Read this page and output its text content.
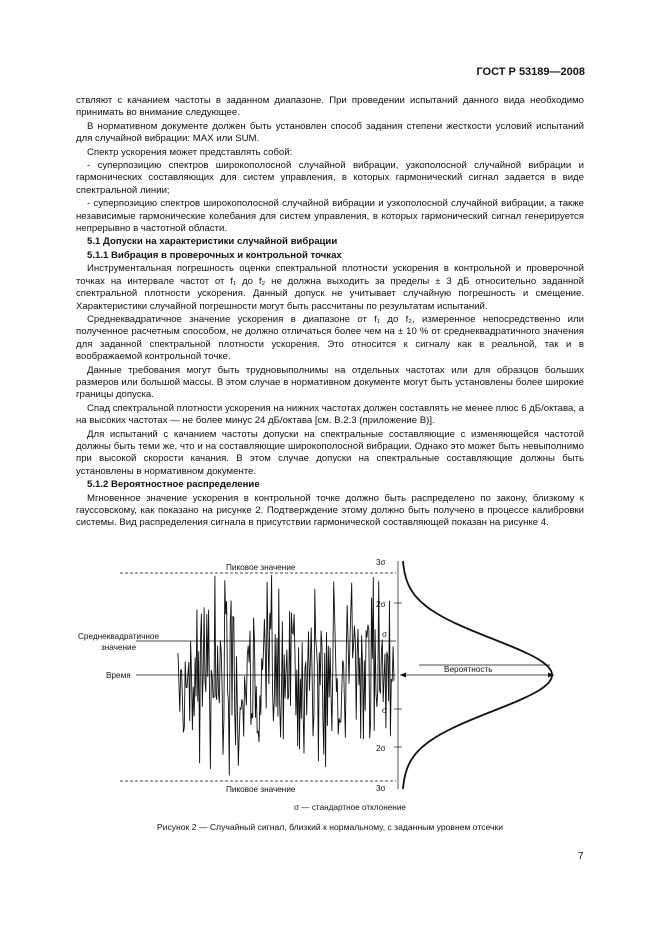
ГОСТ Р 53189—2008

ствляют с качанием частоты в заданном диапазоне. При проведении испытаний данного вида необходимо принимать во внимание следующее.

В нормативном документе должен быть установлен способ задания степени жесткости условий испытаний для случайной вибрации: MAX или SUM.

Спектр ускорения может представлять собой:

- суперпозицию спектров широкополосной случайной вибрации, узкополосной случайной вибрации и гармонических составляющих для систем управления, в которых гармонический сигнал задается в виде спектральной линии;

- суперпозицию спектров широкополосной случайной вибрации и узкополосной случайной вибрации, а также независимые гармонические колебания для систем управления, в которых гармонический сигнал генерируется непрерывно в частотной области.

5.1 Допуски на характеристики случайной вибрации

5.1.1 Вибрация в проверочных и контрольной точках

Инструментальная погрешность оценки спектральной плотности ускорения в контрольной и проверочной точках на интервале частот от f₁ до f₂ не должна выходить за пределы ± 3 дБ относительно заданной спектральной плотности ускорения. Данный допуск не учитывает случайную погрешность и смещение. Характеристики случайной погрешности могут быть рассчитаны по результатам испытаний.

Среднеквадратичное значение ускорения в диапазоне от f₁ до f₂, измеренное непосредственно или полученное расчетным способом, не должно отличаться более чем на ± 10 % от среднеквадратичного значения для заданной спектральной плотности ускорения. Это относится к сигналу как в реальной, так и в воображаемой контрольной точке.

Данные требования могут быть трудновыполнимы на отдельных частотах или для образцов больших размеров или большой массы. В этом случае в нормативном документе могут быть установлены более широкие границы допуска.

Спад спектральной плотности ускорения на нижних частотах должен составлять не менее плюс 6 дБ/октава, а на высоких частотах — не более минус 24 дБ/октава [см. B.2.3 (приложение B)].

Для испытаний с качанием частоты допуски на спектральные составляющие с изменяющейся частотой должны быть теми же, что и на составляющие широкополосной вибрации. Однако это может быть невыполнимо при высокой скорости качания. В этом случае допуски на спектральные составляющие должны быть установлены в нормативном документе.

5.1.2 Вероятностное распределение

Мгновенное значение ускорения в контрольной точке должно быть распределено по закону, близкому к гауссовскому, как показано на рисунке 2. Подтверждение этому должно быть получено в процессе калибровки системы. Вид распределения сигнала в присутствии гармонической составляющей показан на рисунке 4.

Пиковое значение
Пиковое значение
Среднеквадратичное
значение
Время
Вероятность
3σ
2σ
σ
σ
2σ
3σ
σ — стандартное отклонение
Рисунок 2 — Случайный сигнал, близкий к нормальному, с заданным уровнем отсечки
7
